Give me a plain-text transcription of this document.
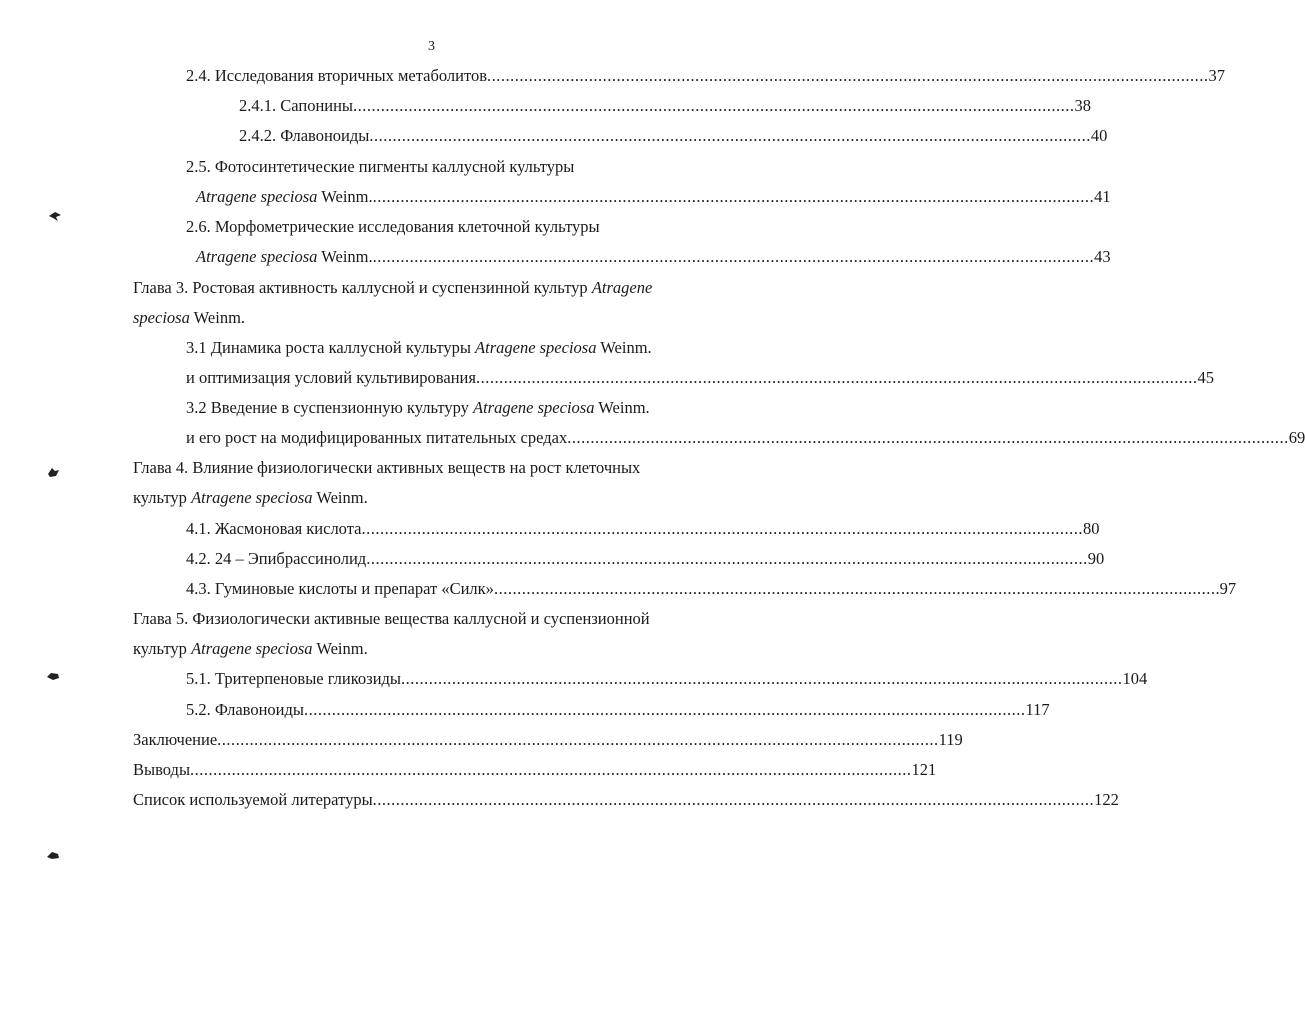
3
2.4. Исследования вторичных метаболитов ............................................................................................................................................................ 37
2.4.1. Сапонины ............................................................................................................................................................ 38
2.4.2. Флавоноиды ............................................................................................................................................................ 40
2.5. Фотосинтетические пигменты каллусной культуры
Atragene speciosa Weinm. ............................................................................................................................................................ 41
2.6. Морфометрические исследования клеточной культуры
Atragene speciosa Weinm. ............................................................................................................................................................ 43
Глава 3. Ростовая активность каллусной и суспензинной культур Atragene
speciosa Weinm.
3.1 Динамика роста каллусной культуры Atragene speciosa Weinm.
и оптимизация условий культивирования ............................................................................................................................................................ 45
3.2 Введение в суспензионную культуру Atragene speciosa Weinm.
и его рост на модифицированных питательных средах ............................................................................................................................................................ 69
Глава 4. Влияние физиологически активных веществ на рост клеточных
культур Atragene speciosa Weinm.
4.1. Жасмоновая кислота ............................................................................................................................................................ 80
4.2. 24 – Эпибрассинолид ............................................................................................................................................................ 90
4.3. Гуминовые кислоты и препарат «Силк» ............................................................................................................................................................ .97
Глава 5. Физиологически активные вещества каллусной и суспензионной
культур Atragene speciosa Weinm.
5.1. Тритерпеновые гликозиды ............................................................................................................................................................ 104
5.2. Флавоноиды ............................................................................................................................................................ 117
Заключение ............................................................................................................................................................ 119
Выводы ............................................................................................................................................................ 121
Список используемой литературы ............................................................................................................................................................ 122
